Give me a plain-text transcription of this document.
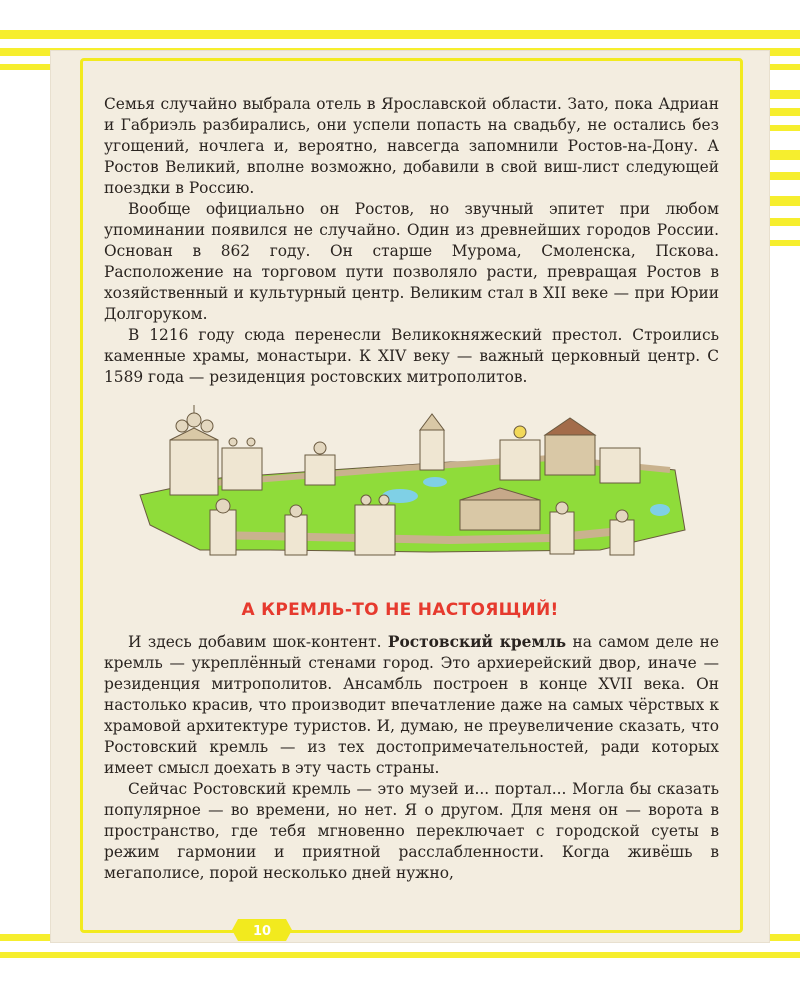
Семья случайно выбрала отель в Ярославской области. Зато, пока Адриан и Габриэль разбирались, они успели попасть на свадьбу, не остались без угощений, ночлега и, вероятно, навсегда запомнили Ростов-на-Дону. А Ростов Великий, вполне возможно, добавили в свой виш-лист следующей поездки в Россию.

Вообще официально он Ростов, но звучный эпитет при любом упоминании появился не случайно. Один из древнейших городов России. Основан в 862 году. Он старше Мурома, Смоленска, Пскова. Расположение на торговом пути позволяло расти, превращая Ростов в хозяйственный и культурный центр. Великим стал в XII веке — при Юрии Долгоруком.

В 1216 году сюда перенесли Великокняжеский престол. Строились каменные храмы, монастыри. К XIV веку — важный церковный центр. С 1589 года — резиденция ростовских митрополитов.

А КРЕМЛЬ-ТО НЕ НАСТОЯЩИЙ!

И здесь добавим шок-контент. Ростовский кремль на самом деле не кремль — укреплённый стенами город. Это архиерейский двор, иначе — резиденция митрополитов. Ансамбль построен в конце XVII века. Он настолько красив, что производит впечатление даже на самых чёрствых к храмовой архитектуре туристов. И, думаю, не преувеличение сказать, что Ростовский кремль — из тех достопримечательностей, ради которых имеет смысл доехать в эту часть страны.

Сейчас Ростовский кремль — это музей и... портал... Могла бы сказать популярное — во времени, но нет. Я о другом. Для меня он — ворота в пространство, где тебя мгновенно переключает с городской суеты в режим гармонии и приятной расслабленности. Когда живёшь в мегаполисе, порой несколько дней нужно,

10
